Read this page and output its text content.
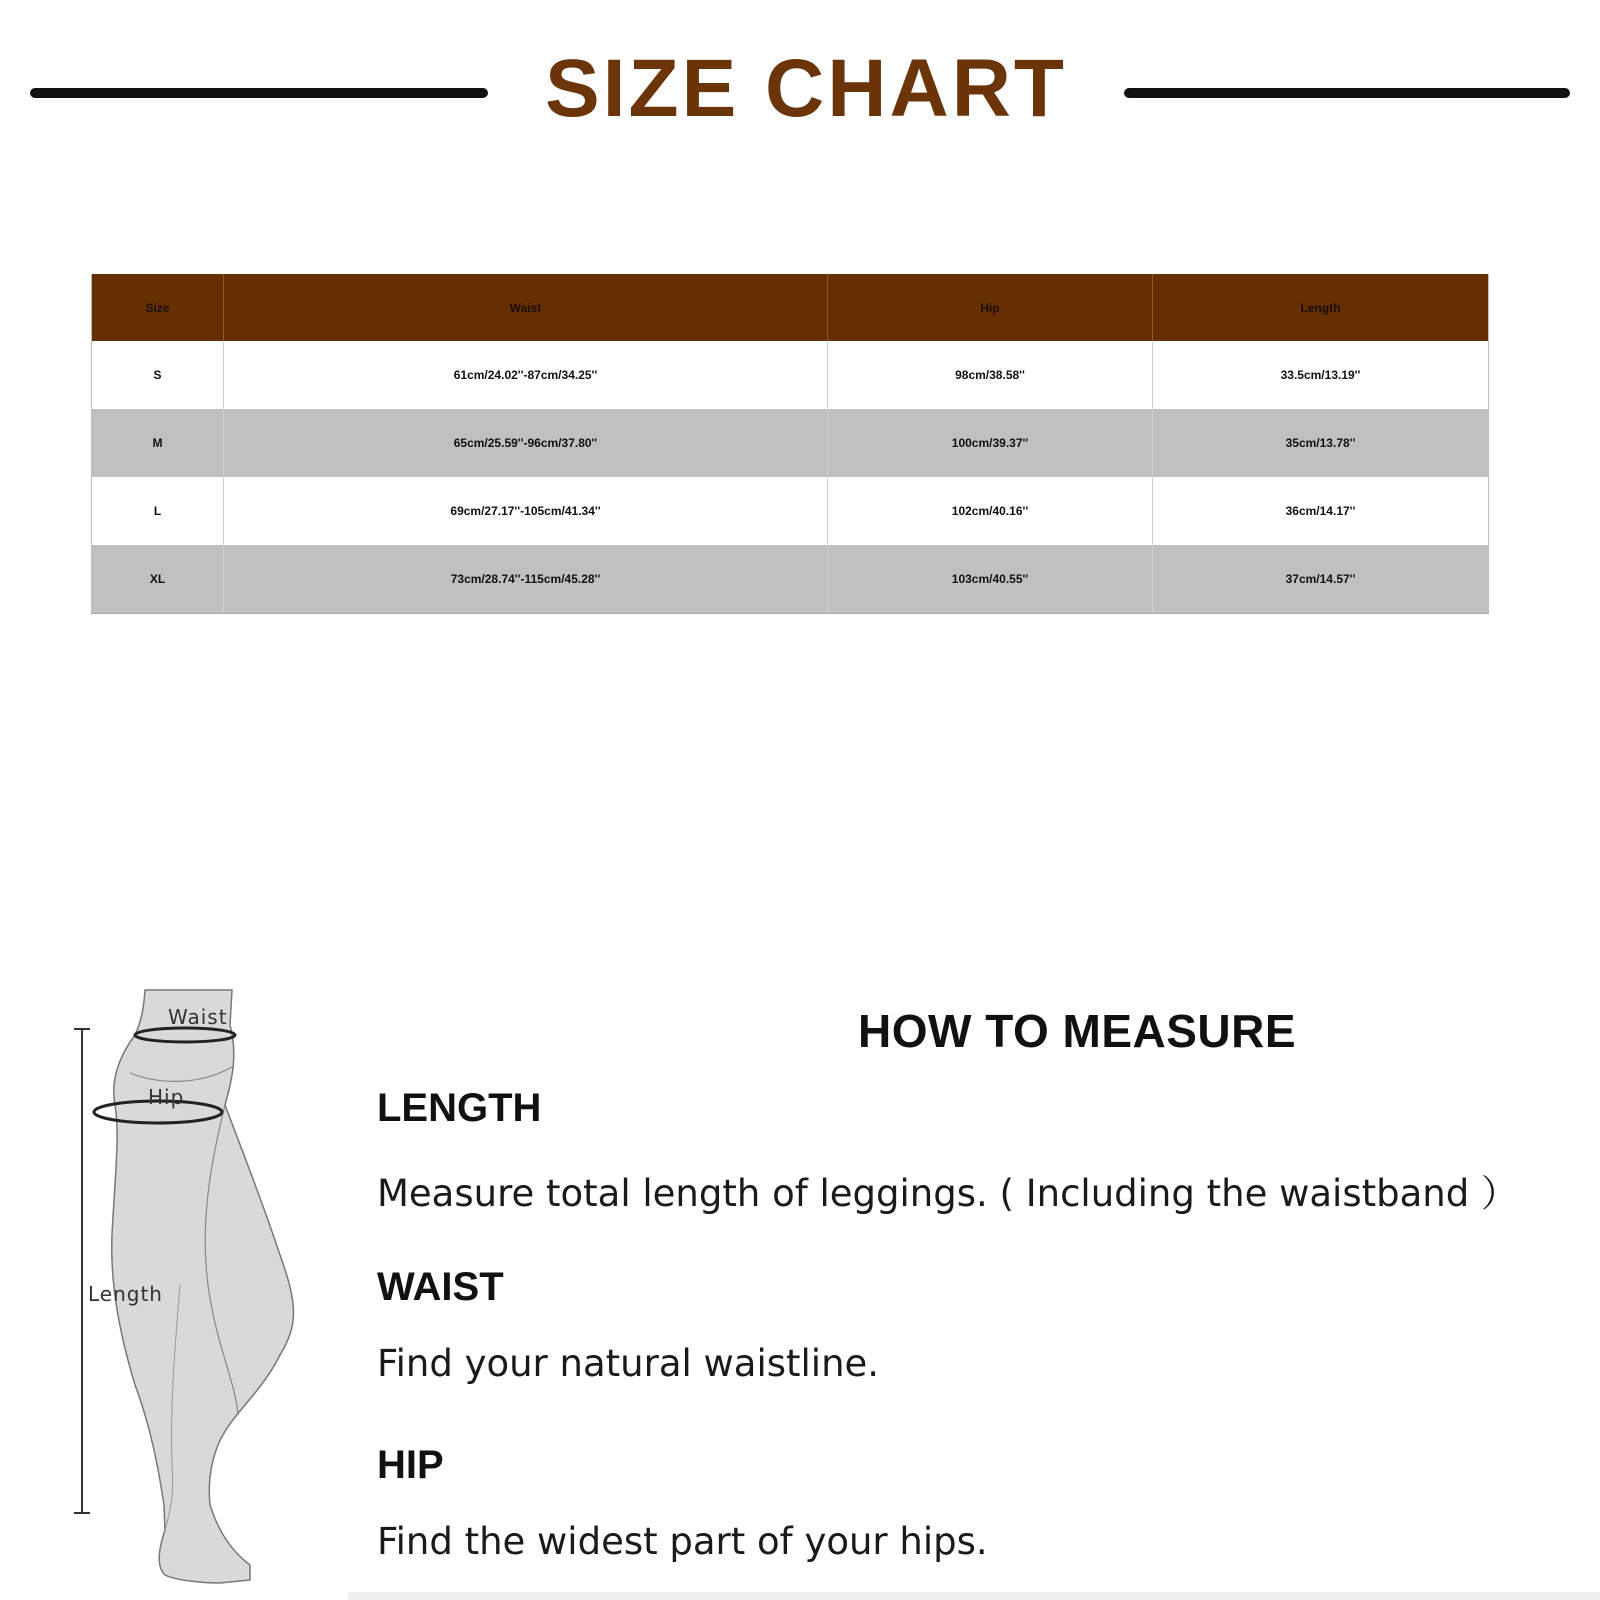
SIZE CHART
Size	Waist	Hip	Length
S	61cm/24.02''-87cm/34.25''	98cm/38.58''	33.5cm/13.19''
M	65cm/25.59''-96cm/37.80''	100cm/39.37''	35cm/13.78''
L	69cm/27.17''-105cm/41.34''	102cm/40.16''	36cm/14.17''
XL	73cm/28.74''-115cm/45.28''	103cm/40.55''	37cm/14.57''
Waist
Hip
Length
HOW TO MEASURE
LENGTH
Measure total length of leggings. ( Including the waistband ）
WAIST
Find your natural waistline.
HIP
Find the widest part of your hips.
